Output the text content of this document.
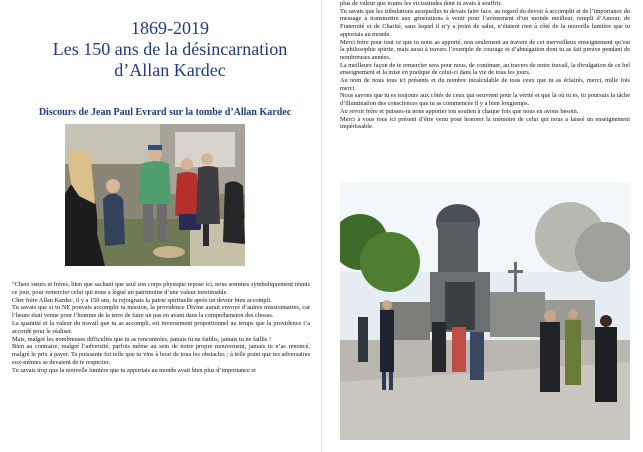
1869-2019
Les 150 ans de la désincarnation
d’Allan Kardec
Discours de Jean Paul Evrard sur la tombe d’Allan Kardec

“Chers sœurs et frères, bien que sachant que seul son corps physique repose ici, nous sommes symboliquement réunis ce jour, pour remercier celui qui nous a légué un patrimoine d’une valeur inestimable.

Cher frère Allan Kardec, il y a 150 ans, tu rejoignais la patrie spirituelle après un devoir bien accompli.

Tu savais que si tu NE pouvais accomplir ta mission, la providence Divine aurait envoyé d’autres missionnaires, car l’heure était venue pour l’homme de la terre de faire un pas en avant dans la compréhension des choses.

La quantité et la valeur du travail que tu as accompli, est inversement proportionnel au temps que la providence t’a accordé pour le réaliser.

Mais, malgré les nombreuses difficultés que tu as rencontrées, jamais tu ne faiblis, jamais tu ne faillis !

Bien au contraire, malgré l’adversité, parfois même au sein de notre propre mouvement, jamais tu n’as renoncé, malgré le prix à payer. Ta puissante foi telle que tu vins à bout de tous les obstacles ; à telle point que tes adversaires eux-mêmes se devaient de te respecter.

Tu savais trop que la nouvelle lumière que tu apportais au monde avait bien plus d’importance et

plus de valeur que toutes les vicissitudes dont tu avais à souffrir.

Tu savais que les tribulations auxquelles tu devais faire face, au regard du devoir à accomplir et de l’importance du message à transmettre aux générations à venir pour l’avènement d’un monde meilleur, rempli d’Amour, de Fraternité et de Charité, sans lequel il n’y a point de salut, n’étaient rien à côté de la nouvelle lumière que tu apportais au monde.

Merci frère pour tout ce que tu nous as apporté, non seulement au travers de cet merveilleux enseignement qu’est la philosophie spirite, mais aussi à travers l’exemple de courage et d’abnégation dont tu as fait preuve pendant de nombreuses années.

La meilleure façon de te remercier sera pour nous, de continuer, au travers de notre travail, la divulgation de ce bel enseignement et la mise en pratique de celui-ci dans la vie de tous les jours.

Au nom de nous tous ici présents et du nombre incalculable de tous ceux que tu as éclairés, merci, mille fois merci.

Nous savons que tu es toujours aux côtés de ceux qui oeuvrent pour la vérité et que là où tu es, tu poursuis la tâche d’illumination des consciences que tu as commencée il y a bien longtemps.

Au revoir frère et puisses-tu nous apporter ton soutien à chaque fois que nous en avons besoin.

Merci à vous tous ici présent d’être venu pour honorer la mémoire de celui qui nous a laissé un enseignement impérissable.
